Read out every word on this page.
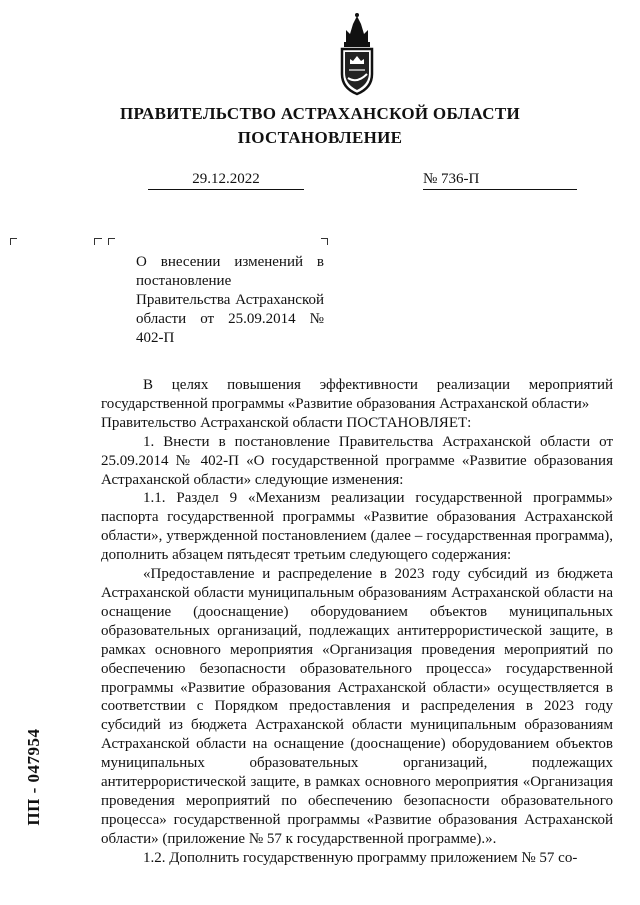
ПРАВИТЕЛЬСТВО АСТРАХАНСКОЙ ОБЛАСТИ
ПОСТАНОВЛЕНИЕ
29.12.2022	№ 736-П
О внесении изменений в постановление Правительства Астраханской области от 25.09.2014 № 402-П

В целях повышения эффективности реализации мероприятий государственной программы «Развитие образования Астраханской области»

Правительство Астраханской области ПОСТАНОВЛЯЕТ:

1. Внести в постановление Правительства Астраханской области от 25.09.2014 № 402-П «О государственной программе «Развитие образования Астраханской области» следующие изменения:

1.1. Раздел 9 «Механизм реализации государственной программы» паспорта государственной программы «Развитие образования Астраханской области», утвержденной постановлением (далее – государственная программа), дополнить абзацем пятьдесят третьим следующего содержания:

«Предоставление и распределение в 2023 году субсидий из бюджета Астраханской области муниципальным образованиям Астраханской области на оснащение (дооснащение) оборудованием объектов муниципальных образовательных организаций, подлежащих антитеррористической защите, в рамках основного мероприятия «Организация проведения мероприятий по обеспечению безопасности образовательного процесса» государственной программы «Развитие образования Астраханской области» осуществляется в соответствии с Порядком предоставления и распределения в 2023 году субсидий из бюджета Астраханской области муниципальным образованиям Астраханской области на оснащение (дооснащение) оборудованием объектов муниципальных образовательных организаций, подлежащих антитеррористической защите, в рамках основного мероприятия «Организация проведения мероприятий по обеспечению безопасности образовательного процесса» государственной программы «Развитие образования Астраханской области» (приложение № 57 к государственной программе).».

1.2. Дополнить государственную программу приложением № 57 со-

ПП - 047954
